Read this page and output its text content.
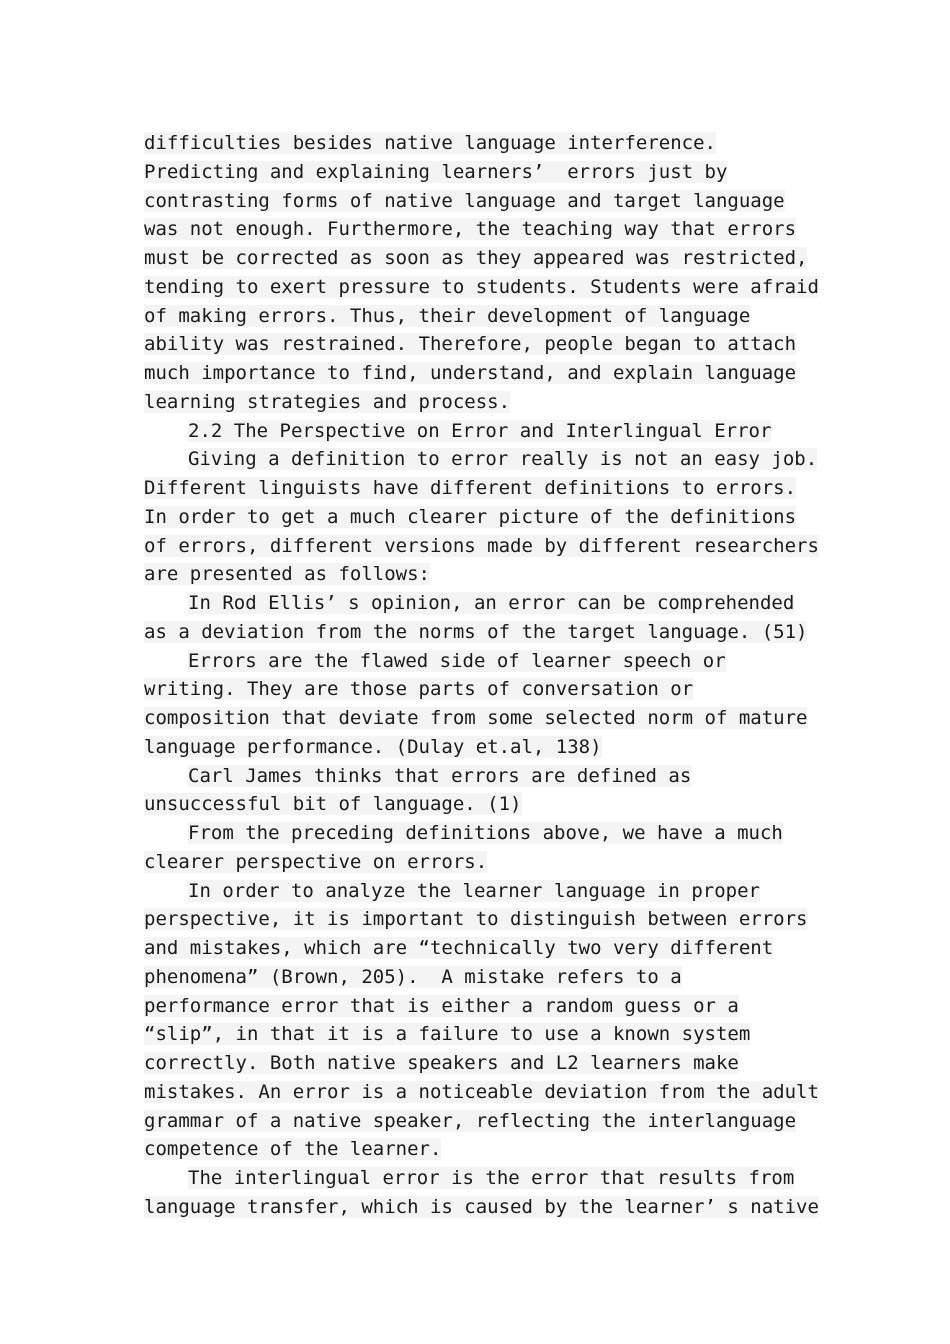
difficulties besides native language interference.
Predicting and explaining learners’  errors just by
contrasting forms of native language and target language
was not enough. Furthermore, the teaching way that errors
must be corrected as soon as they appeared was restricted,
tending to exert pressure to students. Students were afraid
of making errors. Thus, their development of language
ability was restrained. Therefore, people began to attach
much importance to find, understand, and explain language
learning strategies and process.
2.2 The Perspective on Error and Interlingual Error
Giving a definition to error really is not an easy job.
Different linguists have different definitions to errors.
In order to get a much clearer picture of the definitions
of errors, different versions made by different researchers
are presented as follows:
In Rod Ellis’ s opinion, an error can be comprehended
as a deviation from the norms of the target language. (51)
Errors are the flawed side of learner speech or
writing. They are those parts of conversation or
composition that deviate from some selected norm of mature
language performance. (Dulay et.al, 138)
Carl James thinks that errors are defined as
unsuccessful bit of language. (1)
From the preceding definitions above, we have a much
clearer perspective on errors.
In order to analyze the learner language in proper
perspective, it is important to distinguish between errors
and mistakes, which are “technically two very different
phenomena” (Brown, 205).  A mistake refers to a
performance error that is either a random guess or a
“slip”, in that it is a failure to use a known system
correctly. Both native speakers and L2 learners make
mistakes. An error is a noticeable deviation from the adult
grammar of a native speaker, reflecting the interlanguage
competence of the learner.
The interlingual error is the error that results from
language transfer, which is caused by the learner’ s native
